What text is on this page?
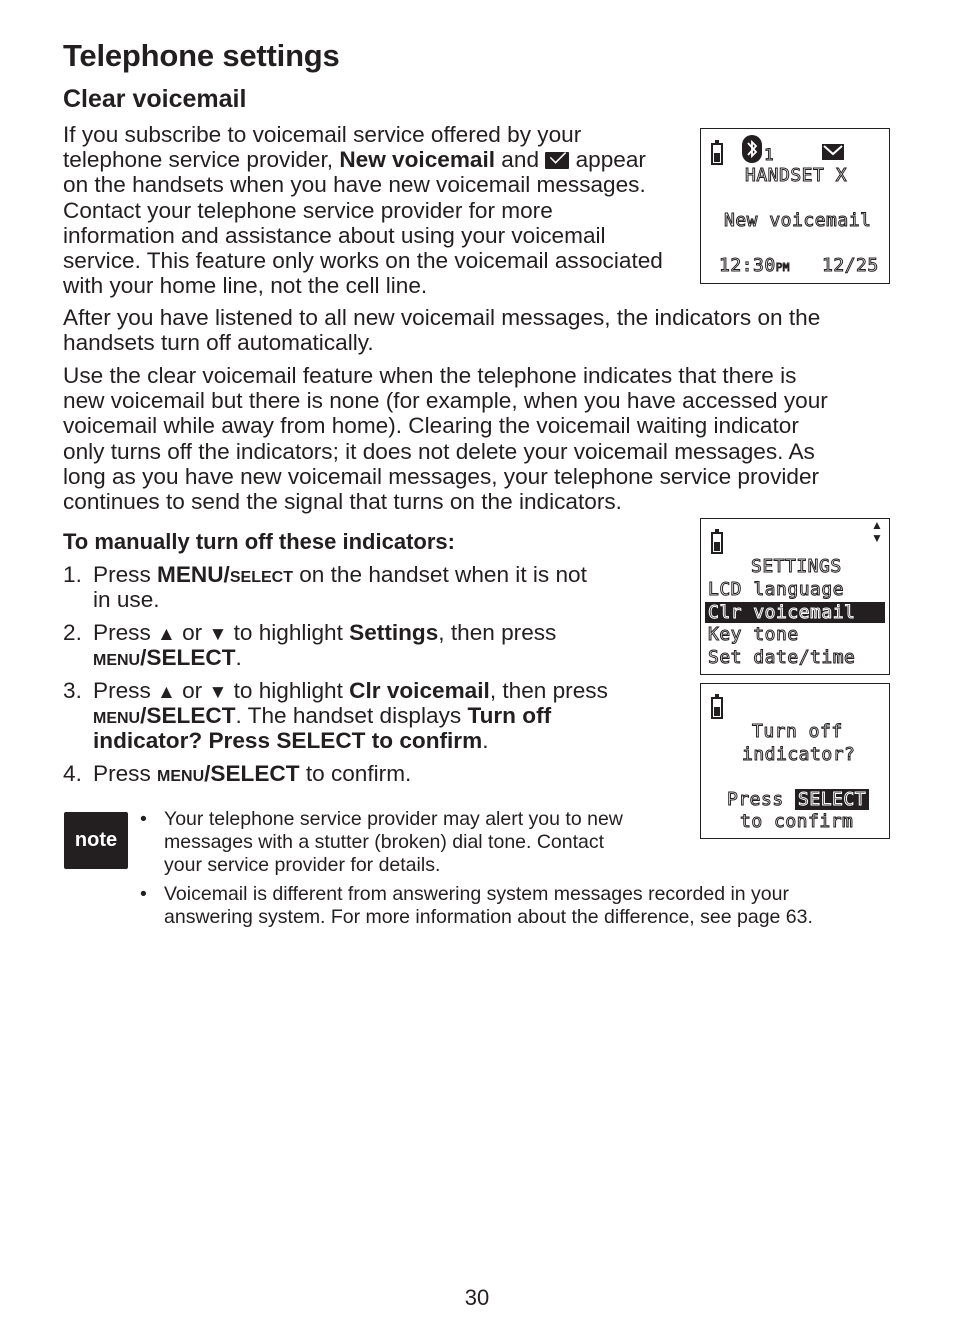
Telephone settings
Clear voicemail

If you subscribe to voicemail service offered by your

telephone service provider, New voicemail and  appear

on the handsets when you have new voicemail messages.

Contact your telephone service provider for more

information and assistance about using your voicemail

service. This feature only works on the voicemail associated

with your home line, not the cell line.

1
HANDSET X
New voicemail
12:30PM 12/25

After you have listened to all new voicemail messages, the indicators on the

handsets turn off automatically.

Use the clear voicemail feature when the telephone indicates that there is

new voicemail but there is none (for example, when you have accessed your

voicemail while away from home). Clearing the voicemail waiting indicator

only turns off the indicators; it does not delete your voicemail messages. As

long as you have new voicemail messages, your telephone service provider

continues to send the signal that turns on the indicators.

To manually turn off these indicators:
1. Press MENU/SELECT on the handset when it is not
in use.
2. Press ▲ or ▼ to highlight Settings, then press
MENU/SELECT.
3. Press ▲ or ▼ to highlight Clr voicemail, then press
MENU/SELECT. The handset displays Turn off
indicator? Press SELECT to confirm.
4. Press MENU/SELECT to confirm.
▲
▼
SETTINGS
LCD language
Clr voicemail
Key tone
Set date/time
Turn off
indicator?
Press SELECT
to confirm
note
• Your telephone service provider may alert you to new
messages with a stutter (broken) dial tone. Contact
your service provider for details.
• Voicemail is different from answering system messages recorded in your
answering system. For more information about the difference, see page 63.
30
